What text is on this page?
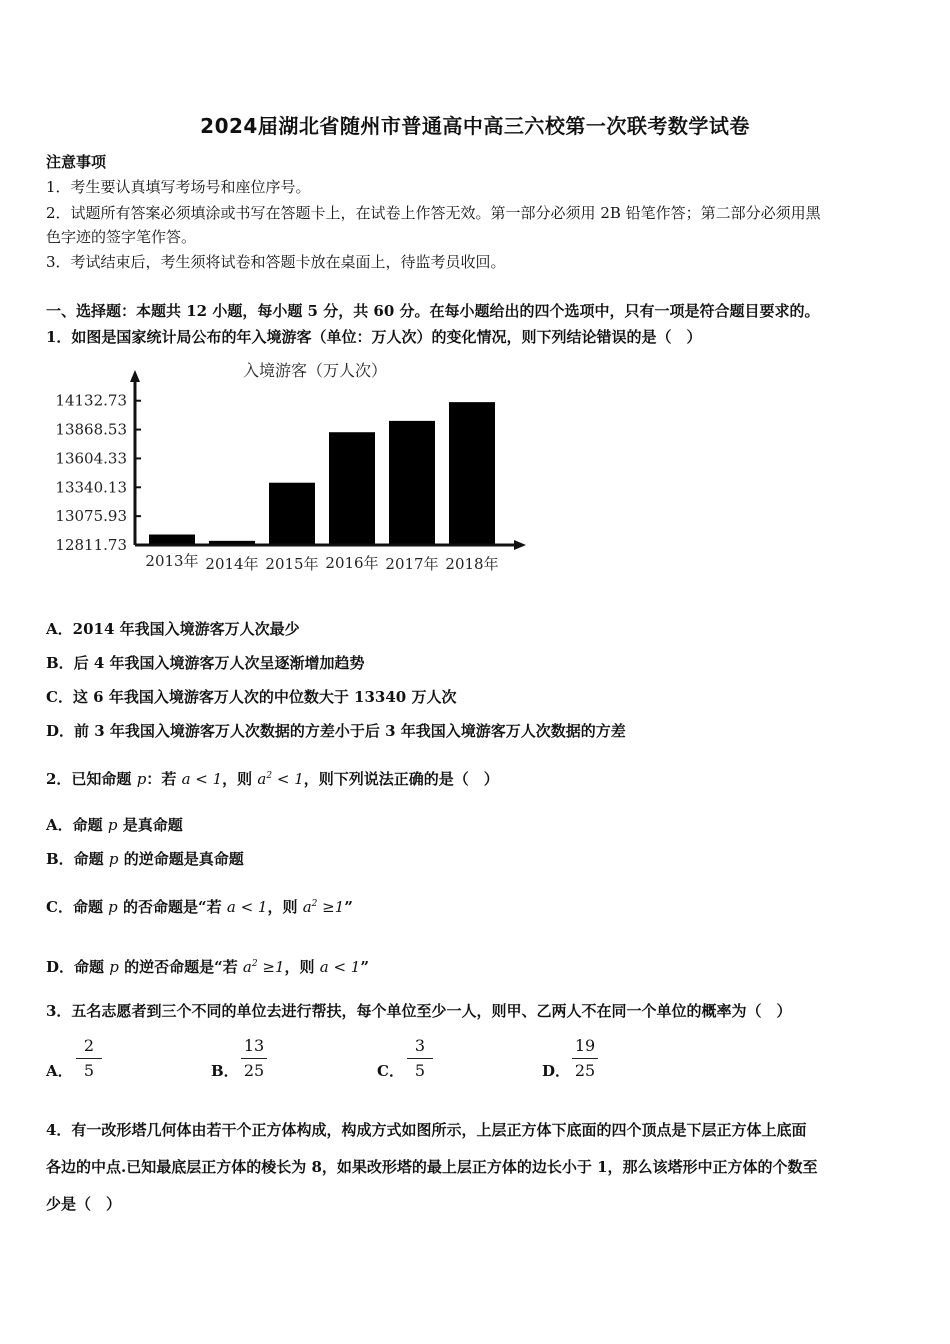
2024届湖北省随州市普通高中高三六校第一次联考数学试卷
注意事项
1．考生要认真填写考场号和座位序号。
2．试题所有答案必须填涂或书写在答题卡上，在试卷上作答无效。第一部分必须用 2B 铅笔作答；第二部分必须用黑
色字迹的签字笔作答。
3．考试结束后，考生须将试卷和答题卡放在桌面上，待监考员收回。
一、选择题：本题共 12 小题，每小题 5 分，共 60 分。在每小题给出的四个选项中，只有一项是符合题目要求的。
1．如图是国家统计局公布的年入境游客（单位：万人次）的变化情况，则下列结论错误的是（　）
入境游客（万人次）
14132.73
13868.53
13604.33
13340.13
13075.93
12811.73
2013年 2014年 2015年 2016年 2017年 2018年
A．2014 年我国入境游客万人次最少
B．后 4 年我国入境游客万人次呈逐渐增加趋势
C．这 6 年我国入境游客万人次的中位数大于 13340 万人次
D．前 3 年我国入境游客万人次数据的方差小于后 3 年我国入境游客万人次数据的方差
2．已知命题 p：若 a < 1，则 $a^2 < 1$，则下列说法正确的是（　）
A．命题 p 是真命题
B．命题 p 的逆命题是真命题
C．命题 p 的否命题是“若 a < 1，则 $a^2 \ge 1$”
D．命题 p 的逆否命题是“若 $a^2 \ge 1$，则 a < 1”
3．五名志愿者到三个不同的单位去进行帮扶，每个单位至少一人，则甲、乙两人不在同一个单位的概率为（　）
A．
2
5	B．
13
25	C．
3
5	D．
19
25
4．有一改形塔几何体由若干个正方体构成，构成方式如图所示，上层正方体下底面的四个顶点是下层正方体上底面
各边的中点.已知最底层正方体的棱长为 8，如果改形塔的最上层正方体的边长小于 1，那么该塔形中正方体的个数至
少是（　）
